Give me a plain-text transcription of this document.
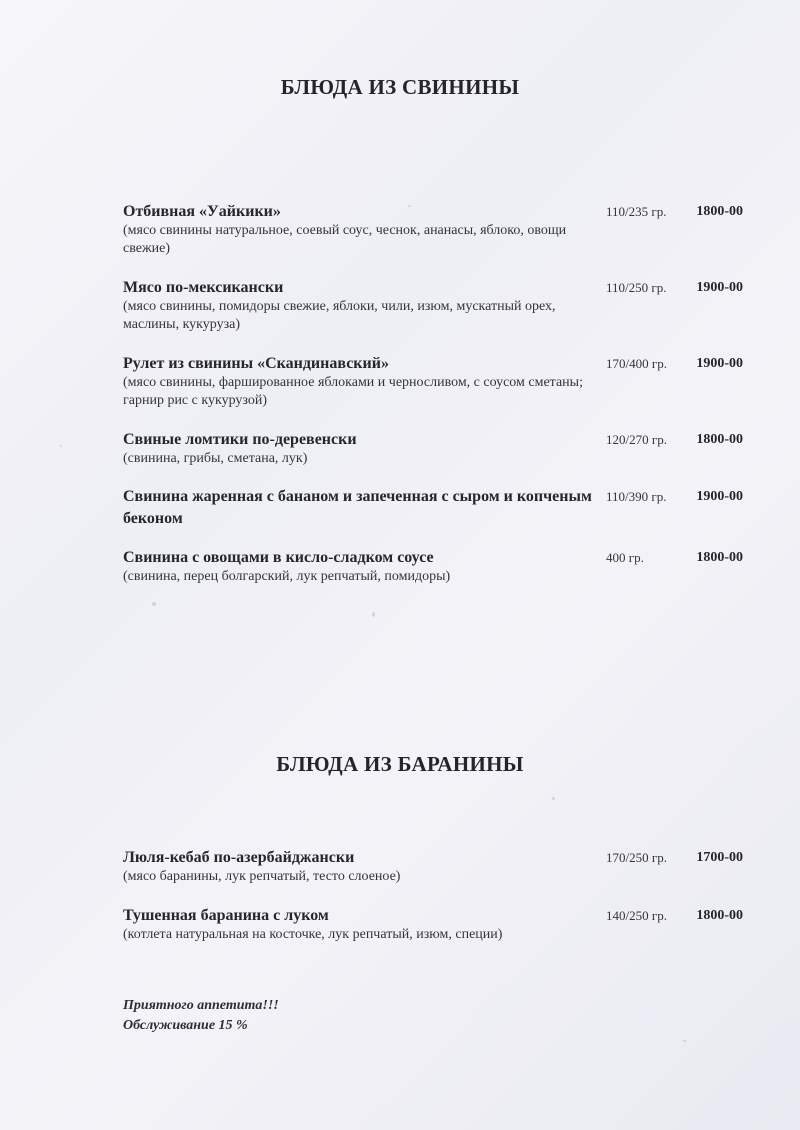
БЛЮДА ИЗ СВИНИНЫ
Отбивная «Уайкики»
(мясо свинины натуральное, соевый соус, чеснок, ананасы, яблоко, овощи свежие)
110/235 гр. 1800-00
Мясо по-мексикански
(мясо свинины, помидоры свежие, яблоки, чили, изюм, мускатный орех, маслины, кукуруза)
110/250 гр. 1900-00
Рулет из свинины «Скандинавский»
(мясо свинины, фаршированное яблоками и черносливом, с соусом сметаны; гарнир рис с кукурузой)
170/400 гр. 1900-00
Свиные ломтики по-деревенски
(свинина, грибы, сметана, лук)
120/270 гр. 1800-00
Свинина жаренная с бананом и запеченная с сыром и копченым беконом
110/390 гр. 1900-00
Свинина с овощами в кисло-сладком соусе
(свинина, перец болгарский, лук репчатый, помидоры)
400 гр.	1800-00
БЛЮДА ИЗ БАРАНИНЫ
Люля-кебаб по-азербайджански
(мясо баранины, лук репчатый, тесто слоеное)
170/250 гр. 1700-00
Тушенная баранина с луком
(котлета натуральная на косточке, лук репчатый, изюм, специи)
140/250 гр. 1800-00
Приятного аппетита!!!
Обслуживание 15 %
